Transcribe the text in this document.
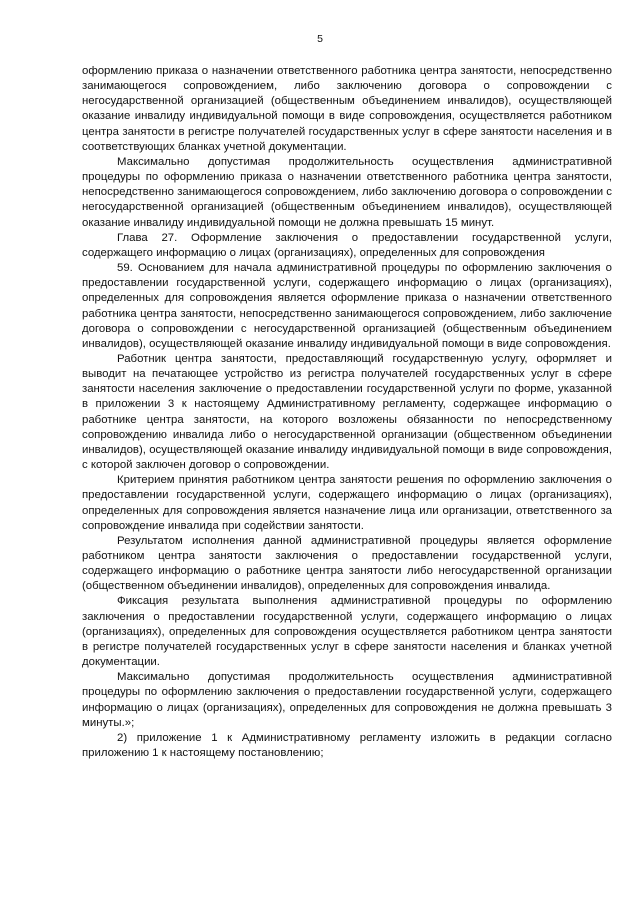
5

оформлению приказа о назначении ответственного работника центра занятости, непосредственно занимающегося сопровождением, либо заключению договора о сопровождении с негосударственной организацией (общественным объединением инвалидов), осуществляющей оказание инвалиду индивидуальной помощи в виде сопровождения, осуществляется работником центра занятости в регистре получателей государственных услуг в сфере занятости населения и в соответствующих бланках учетной документации.

Максимально допустимая продолжительность осуществления административной процедуры по оформлению приказа о назначении ответственного работника центра занятости, непосредственно занимающегося сопровождением, либо заключению договора о сопровождении с негосударственной организацией (общественным объединением инвалидов), осуществляющей оказание инвалиду индивидуальной помощи не должна превышать 15 минут.

Глава 27. Оформление заключения о предоставлении государственной услуги, содержащего информацию о лицах (организациях), определенных для сопровождения

59. Основанием для начала административной процедуры по оформлению заключения о предоставлении государственной услуги, содержащего информацию о лицах (организациях), определенных для сопровождения является оформление приказа о назначении ответственного работника центра занятости, непосредственно занимающегося сопровождением, либо заключение договора о сопровождении с негосударственной организацией (общественным объединением инвалидов), осуществляющей оказание инвалиду индивидуальной помощи в виде сопровождения.

Работник центра занятости, предоставляющий государственную услугу, оформляет и выводит на печатающее устройство из регистра получателей государственных услуг в сфере занятости населения заключение о предоставлении государственной услуги по форме, указанной в приложении 3 к настоящему Административному регламенту, содержащее информацию о работнике центра занятости, на которого возложены обязанности по непосредственному сопровождению инвалида либо о негосударственной организации (общественном объединении инвалидов), осуществляющей оказание инвалиду индивидуальной помощи в виде сопровождения, с которой заключен договор о сопровождении.

Критерием принятия работником центра занятости решения по оформлению заключения о предоставлении государственной услуги, содержащего информацию о лицах (организациях), определенных для сопровождения является назначение лица или организации, ответственного за сопровождение инвалида при содействии занятости.

Результатом исполнения данной административной процедуры является оформление работником центра занятости заключения о предоставлении государственной услуги, содержащего информацию о работнике центра занятости либо негосударственной организации (общественном объединении инвалидов), определенных для сопровождения инвалида.

Фиксация результата выполнения административной процедуры по оформлению заключения о предоставлении государственной услуги, содержащего информацию о лицах (организациях), определенных для сопровождения осуществляется работником центра занятости в регистре получателей государственных услуг в сфере занятости населения и бланках учетной документации.

Максимально допустимая продолжительность осуществления административной процедуры по оформлению заключения о предоставлении государственной услуги, содержащего информацию о лицах (организациях), определенных для сопровождения не должна превышать 3 минуты.»;

2) приложение 1 к Административному регламенту изложить в редакции согласно приложению 1 к настоящему постановлению;
